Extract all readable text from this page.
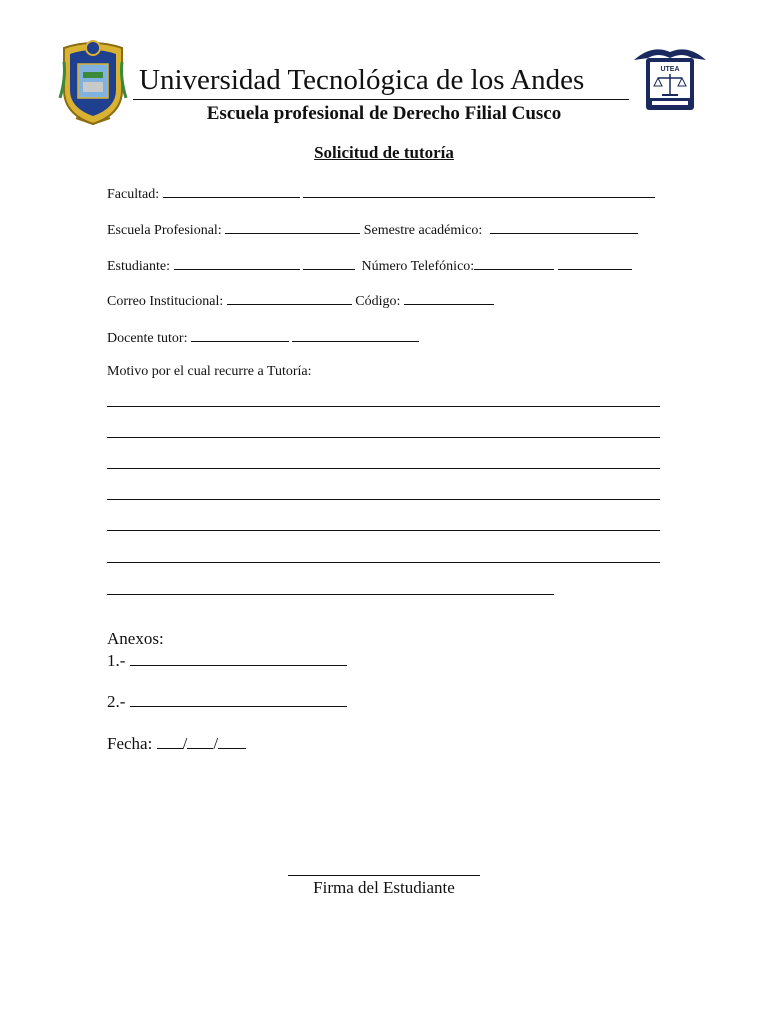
UTEA
Universidad Tecnológica de los Andes
Escuela profesional de Derecho Filial Cusco
Solicitud de tutoría
Facultad:
Escuela Profesional:	Semestre académico:
Estudiante:	Número Telefónico:
Correo Institucional:	Código:
Docente tutor:
Motivo por el cual recurre a Tutoría:
Anexos:
1.-
2.-
Fecha: / /
Firma del Estudiante
